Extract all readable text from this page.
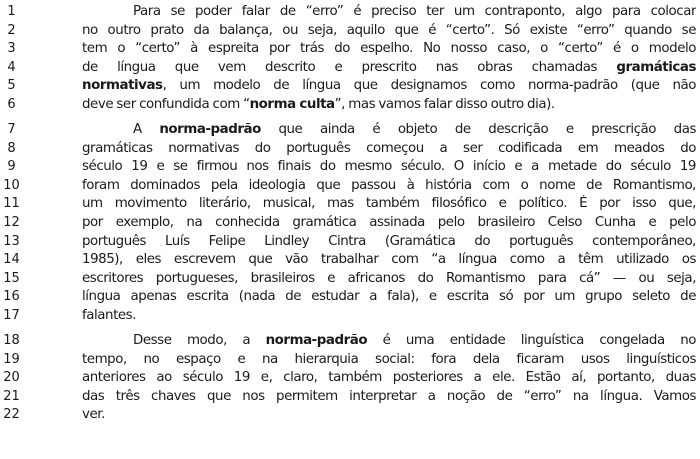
1	Para se poder falar de “erro” é preciso ter um contraponto, algo para colocar
2	no outro prato da balança, ou seja, aquilo que é “certo”. Só existe “erro” quando se
3	tem o “certo” à espreita por trás do espelho. No nosso caso, o “certo” é o modelo
4	de língua que vem descrito e prescrito nas obras chamadas gramáticas
5	normativas, um modelo de língua que designamos como norma-padrão (que não
6	deve ser confundida com “norma culta”, mas vamos falar disso outro dia).
7	A norma-padrão que ainda é objeto de descrição e prescrição das
8	gramáticas normativas do português começou a ser codificada em meados do
9	século 19 e se firmou nos finais do mesmo século. O início e a metade do século 19
10	foram dominados pela ideologia que passou à história com o nome de Romantismo,
11	um movimento literário, musical, mas também filosófico e político. É por isso que,
12	por exemplo, na conhecida gramática assinada pelo brasileiro Celso Cunha e pelo
13	português Luís Felipe Lindley Cintra (Gramática do português contemporâneo,
14	1985), eles escrevem que vão trabalhar com “a língua como a têm utilizado os
15	escritores portugueses, brasileiros e africanos do Romantismo para cá” — ou seja,
16	língua apenas escrita (nada de estudar a fala), e escrita só por um grupo seleto de
17	falantes.
18	Desse modo, a norma-padrão é uma entidade linguística congelada no
19	tempo, no espaço e na hierarquia social: fora dela ficaram usos linguísticos
20	anteriores ao século 19 e, claro, também posteriores a ele. Estão aí, portanto, duas
21	das três chaves que nos permitem interpretar a noção de “erro” na língua. Vamos
22	ver.
